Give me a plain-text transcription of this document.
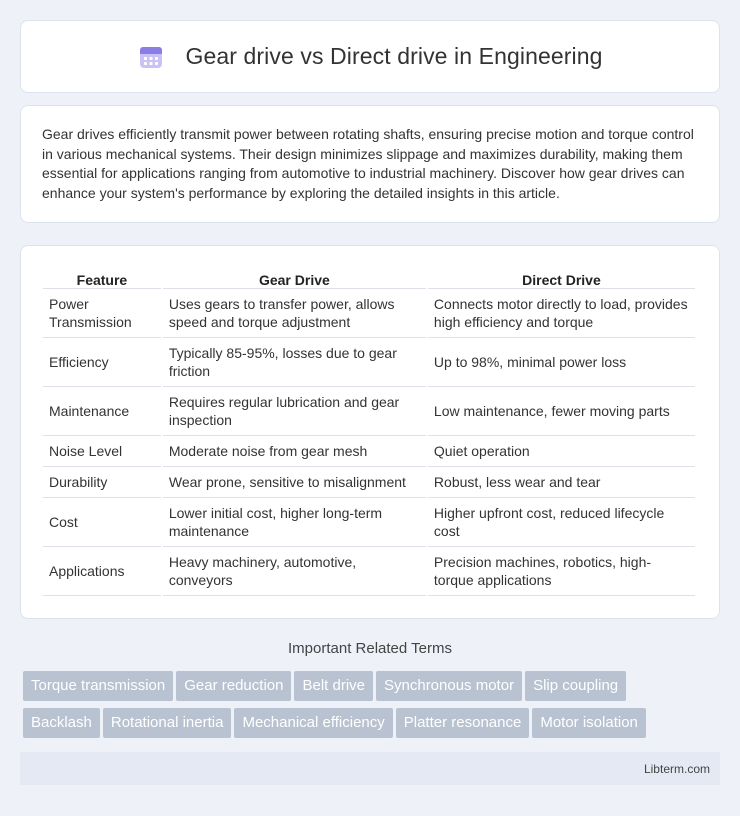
Gear drive vs Direct drive in Engineering

Gear drives efficiently transmit power between rotating shafts, ensuring precise motion and torque control in various mechanical systems. Their design minimizes slippage and maximizes durability, making them essential for applications ranging from automotive to industrial machinery. Discover how gear drives can enhance your system's performance by exploring the detailed insights in this article.

Feature	Gear Drive	Direct Drive
Power Transmission	Uses gears to transfer power, allows speed and torque adjustment	Connects motor directly to load, provides high efficiency and torque
Efficiency	Typically 85-95%, losses due to gear friction	Up to 98%, minimal power loss
Maintenance	Requires regular lubrication and gear inspection	Low maintenance, fewer moving parts
Noise Level	Moderate noise from gear mesh	Quiet operation
Durability	Wear prone, sensitive to misalignment	Robust, less wear and tear
Cost	Lower initial cost, higher long-term maintenance	Higher upfront cost, reduced lifecycle cost
Applications	Heavy machinery, automotive, conveyors	Precision machines, robotics, high-torque applications
Important Related Terms
Torque transmission Gear reduction Belt drive Synchronous motor Slip coupling
Backlash Rotational inertia Mechanical efficiency Platter resonance Motor isolation
Libterm.com
